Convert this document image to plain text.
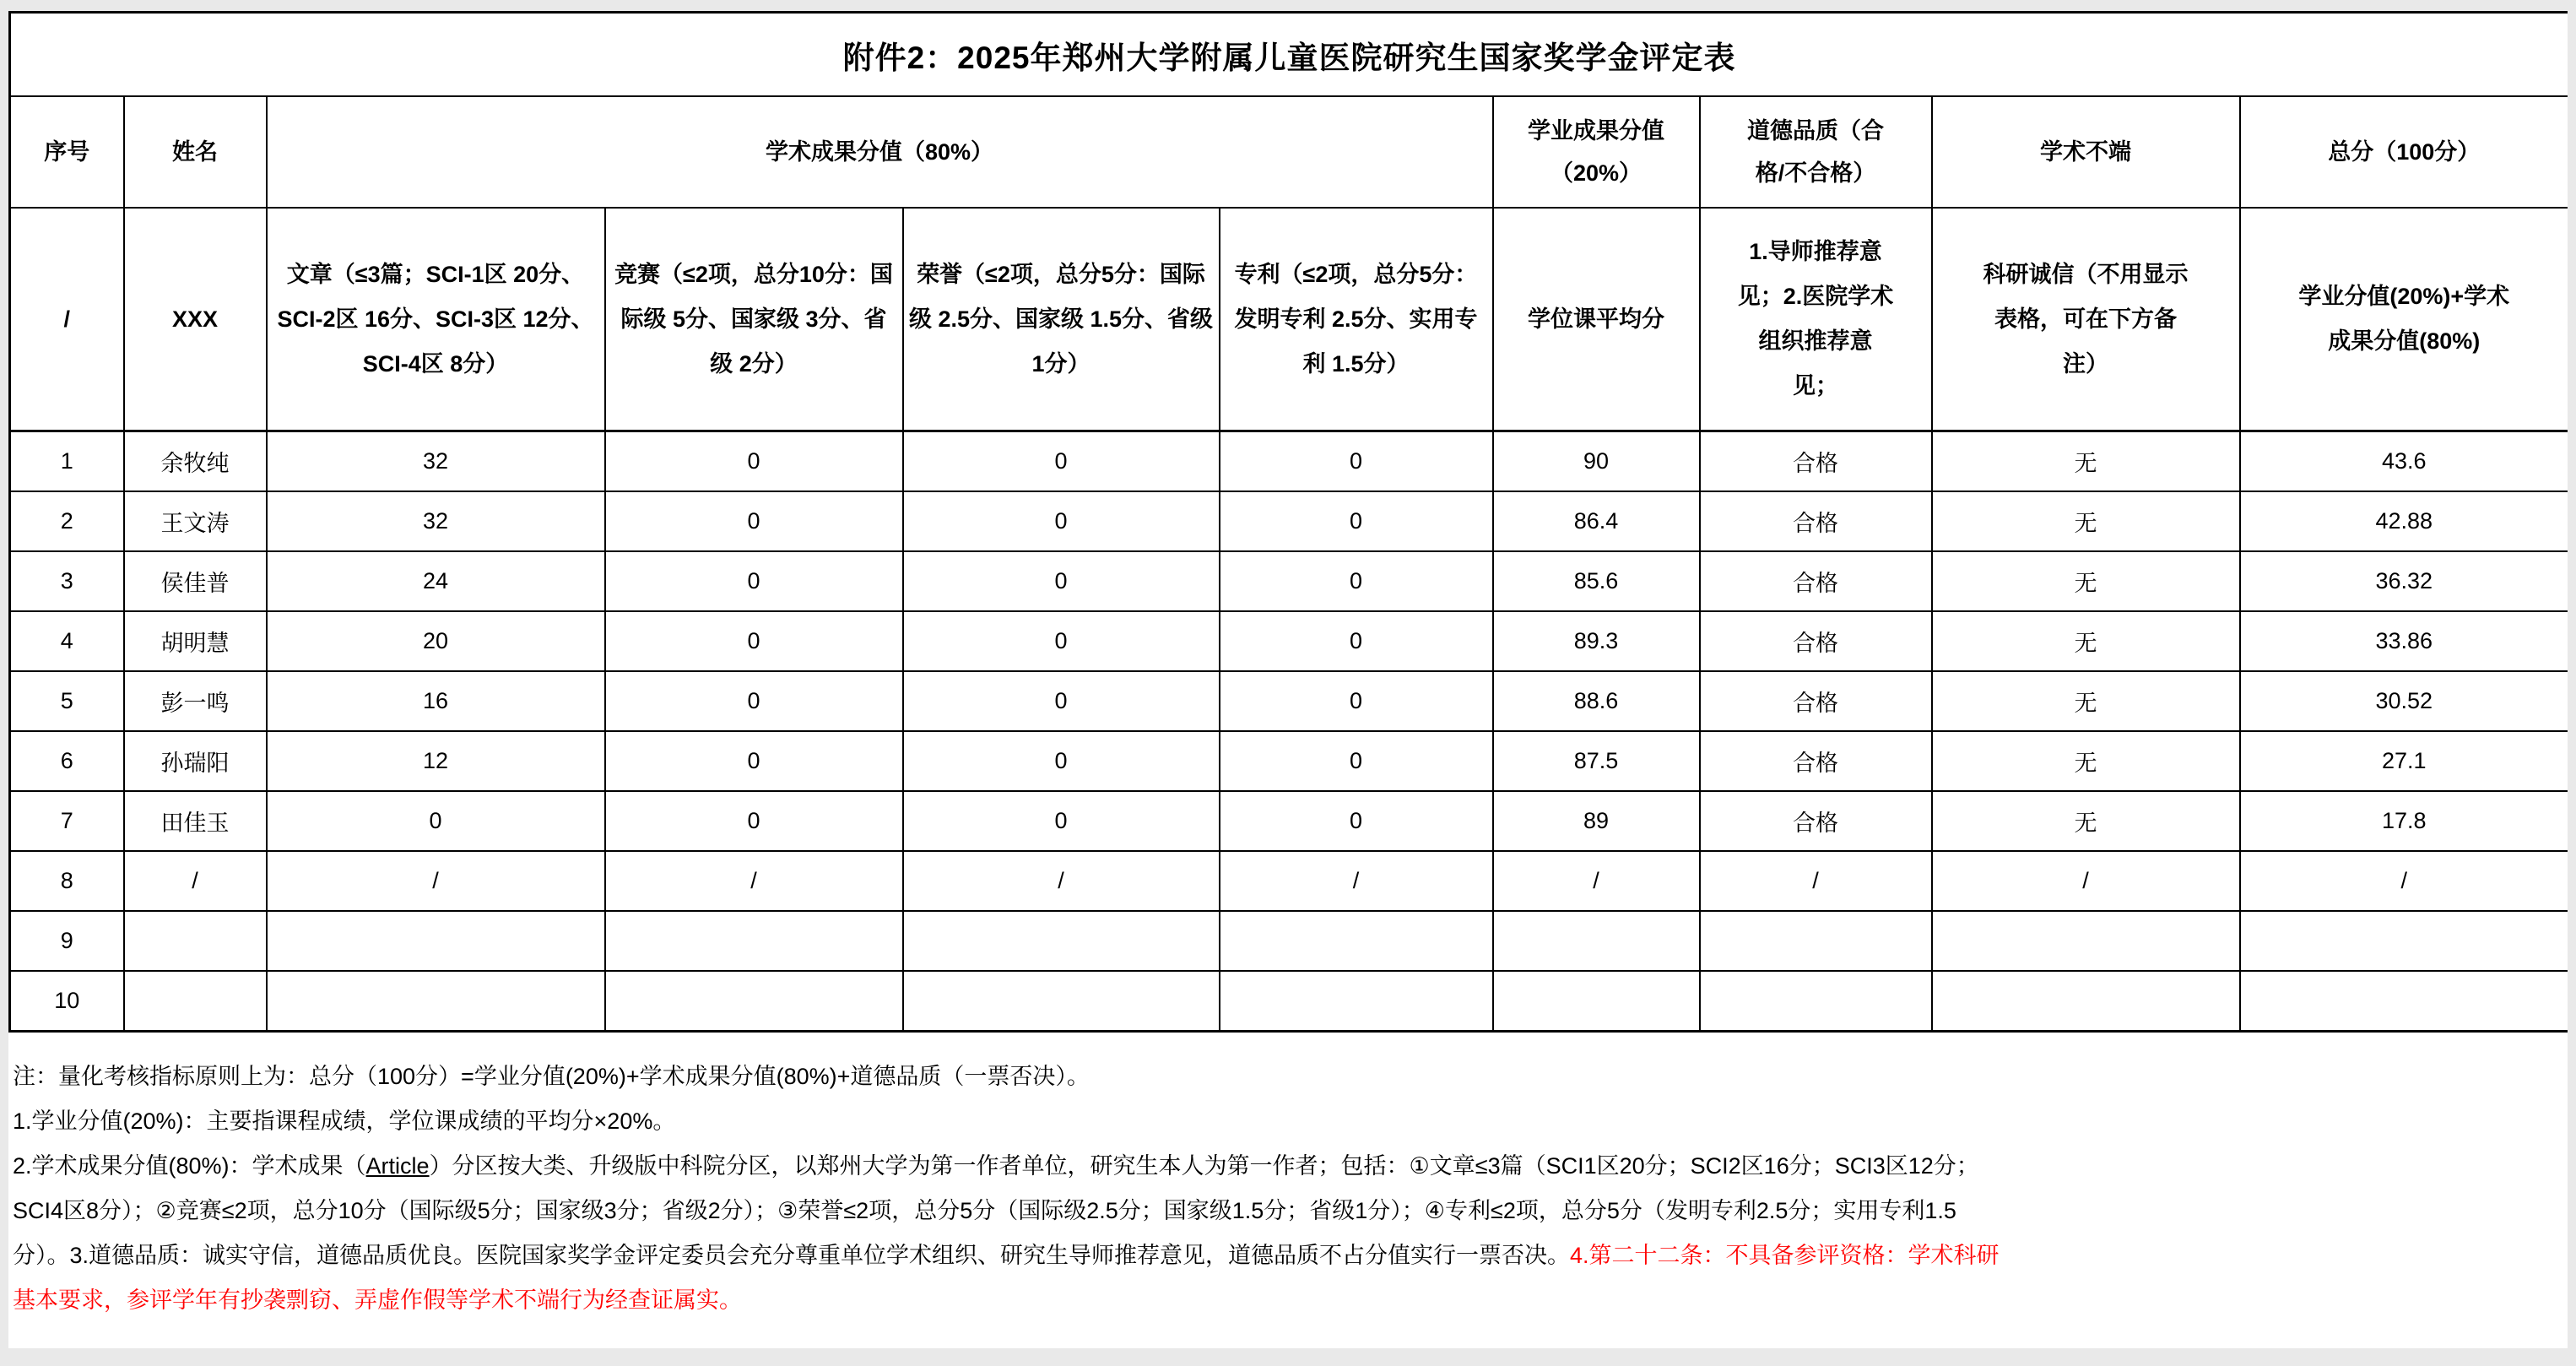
附件2：2025年郑州大学附属儿童医院研究生国家奖学金评定表									
序号	姓名	学术成果分值（80%）				学业成果分值（20%）	道德品质（合格/不合格）	学术不端	总分（100分）
/	XXX	文章（≤3篇；SCI-1区 20分、SCI-2区 16分、SCI-3区 12分、SCI-4区 8分）	竞赛（≤2项，总分10分：国际级 5分、国家级 3分、省级 2分）	荣誉（≤2项，总分5分：国际级 2.5分、国家级 1.5分、省级 1分）	专利（≤2项，总分5分：发明专利 2.5分、实用专利 1.5分）	学位课平均分	1.导师推荐意见；2.医院学术组织推荐意见；	科研诚信（不用显示表格，可在下方备注）	学业分值(20%)+学术成果分值(80%)
1	余牧纯	32	0	0	0	90	合格	无	43.6
2	王文涛	32	0	0	0	86.4	合格	无	42.88
3	侯佳普	24	0	0	0	85.6	合格	无	36.32
4	胡明慧	20	0	0	0	89.3	合格	无	33.86
5	彭一鸣	16	0	0	0	88.6	合格	无	30.52
6	孙瑞阳	12	0	0	0	87.5	合格	无	27.1
7	田佳玉	0	0	0	0	89	合格	无	17.8
8	/	/	/	/	/	/	/	/	/
9									
10									
注：量化考核指标原则上为：总分（100分）=学业分值(20%)+学术成果分值(80%)+道德品质（一票否决）。
1.学业分值(20%)：主要指课程成绩，学位课成绩的平均分×20%。
2.学术成果分值(80%)：学术成果（Article）分区按大类、升级版中科院分区，以郑州大学为第一作者单位，研究生本人为第一作者；包括：①文章≤3篇（SCI1区20分；SCI2区16分；SCI3区12分；
SCI4区8分）；②竞赛≤2项，总分10分（国际级5分；国家级3分；省级2分）；③荣誉≤2项，总分5分（国际级2.5分；国家级1.5分；省级1分）；④专利≤2项，总分5分（发明专利2.5分；实用专利1.5
分）。3.道德品质：诚实守信，道德品质优良。医院国家奖学金评定委员会充分尊重单位学术组织、研究生导师推荐意见，道德品质不占分值实行一票否决。4.第二十二条：不具备参评资格：学术科研
基本要求，参评学年有抄袭剽窃、弄虚作假等学术不端行为经查证属实。
